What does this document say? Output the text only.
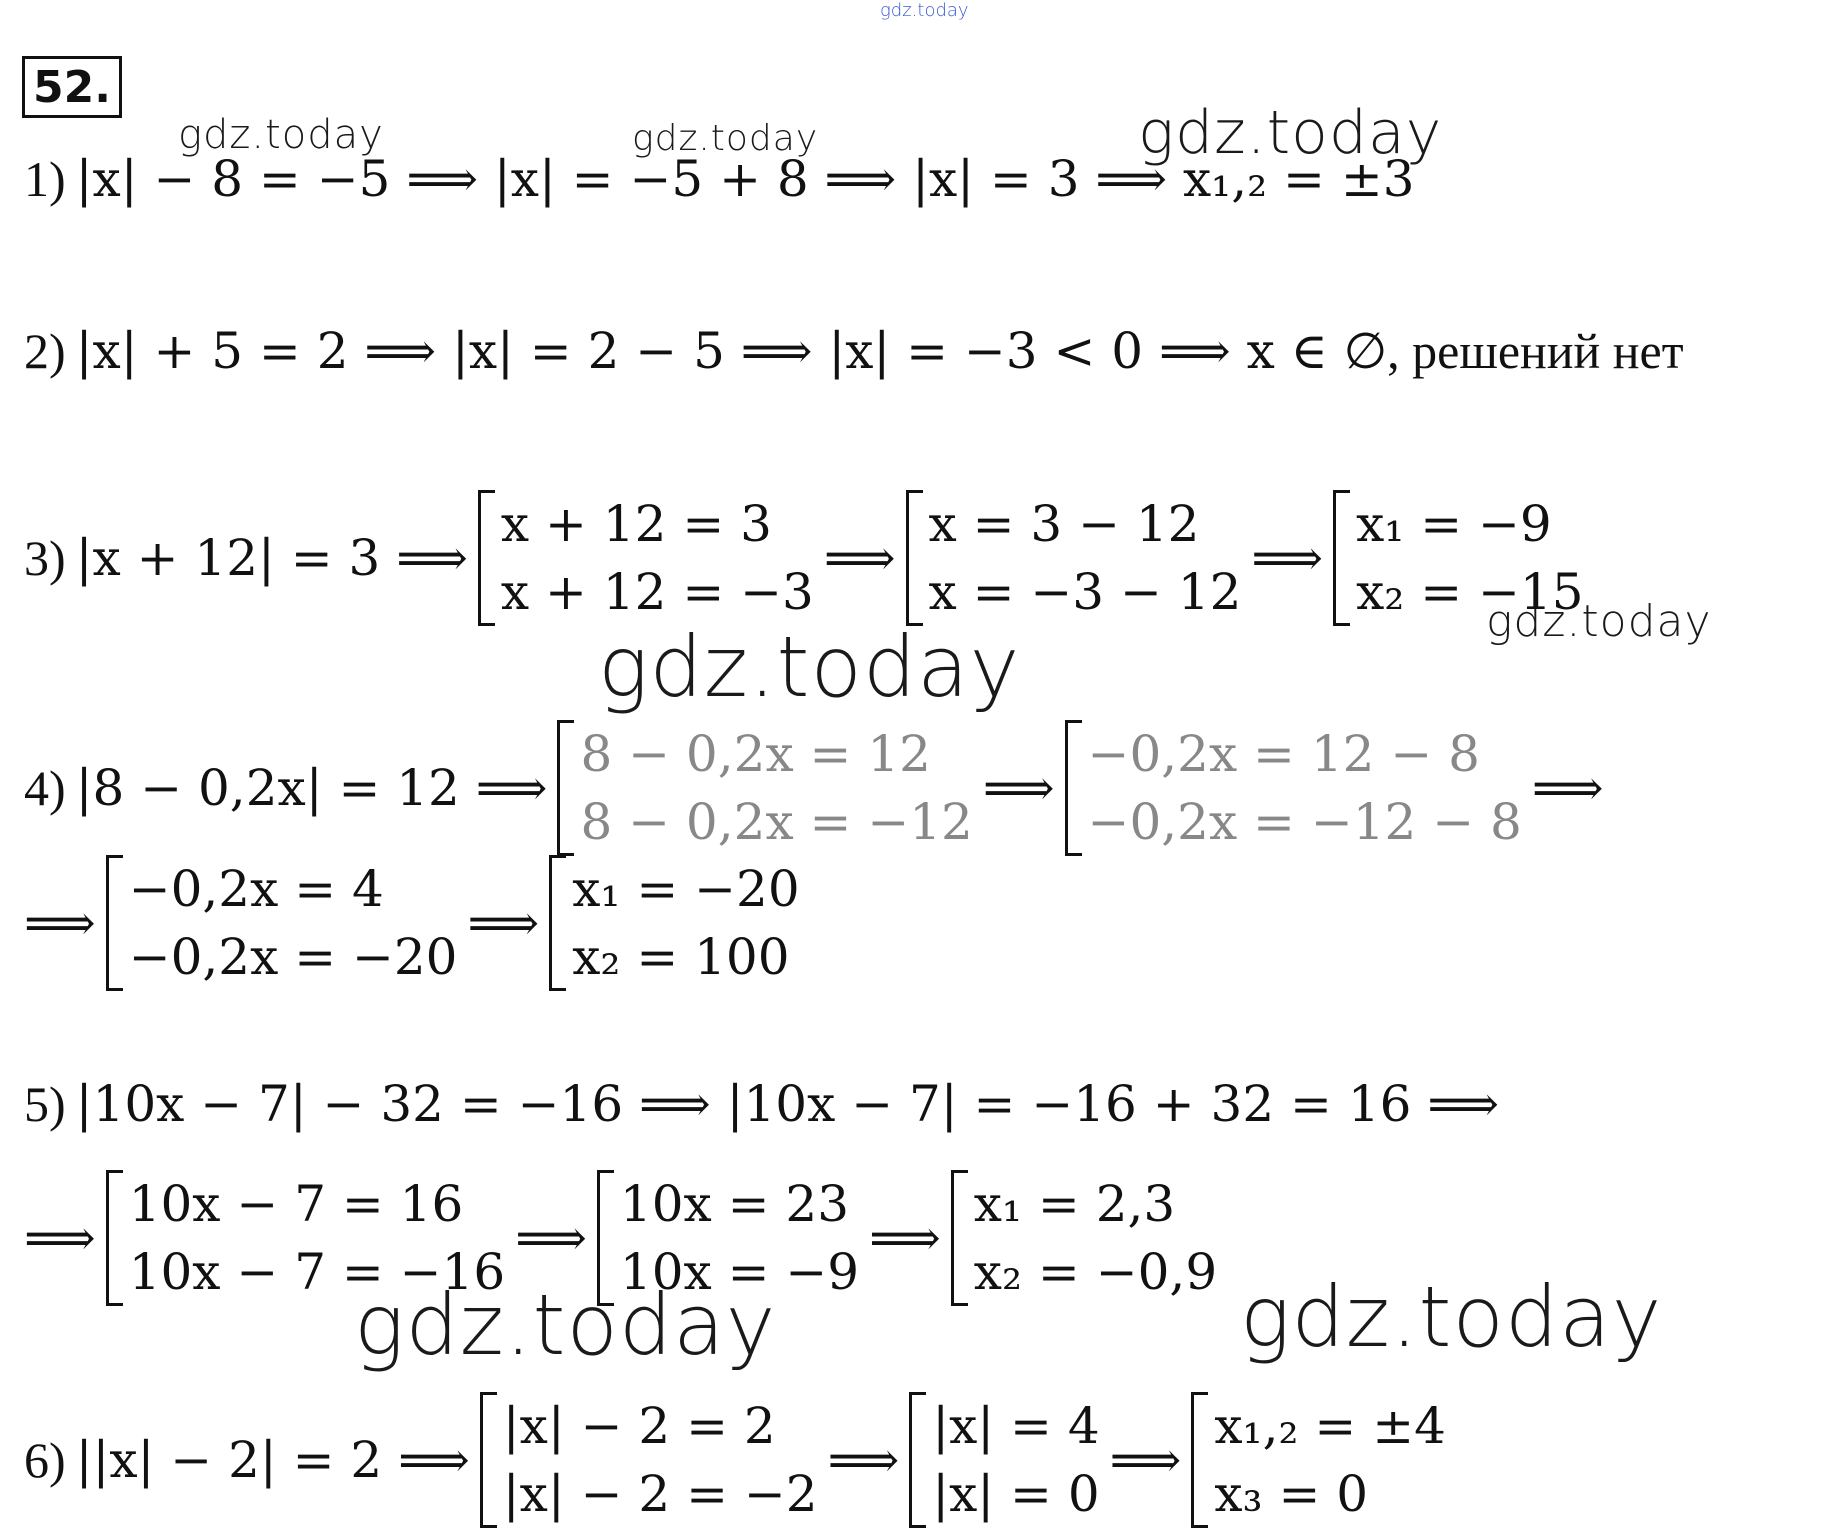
gdz.today
gdz.today	gdz.today	gdz.today
gdz.today
gdz.today
gdz.today	gdz.today
52.
1) |x| − 8 = −5 ⟹ |x| = −5 + 8 ⟹ |x| = 3 ⟹ x₁,₂ = ±3
2) |x| + 5 = 2 ⟹ |x| = 2 − 5 ⟹ |x| = −3 < 0 ⟹ x ∈ ∅ , решений нет
3) |x + 12| = 3 ⟹
x + 12 = 3
x + 12 = −3
⟹
x = 3 − 12
x = −3 − 12
⟹
x₁ = −9
x₂ = −15
4) |8 − 0,2x| = 12 ⟹
8 − 0,2x = 12
8 − 0,2x = −12
⟹
−0,2x = 12 − 8
−0,2x = −12 − 8
⟹
⟹
−0,2x = 4
−0,2x = −20
⟹
x₁ = −20
x₂ = 100
5) |10x − 7| − 32 = −16 ⟹ |10x − 7| = −16 + 32 = 16 ⟹
⟹
10x − 7 = 16
10x − 7 = −16
⟹
10x = 23
10x = −9
⟹
x₁ = 2,3
x₂ = −0,9
6) ||x| − 2| = 2 ⟹
|x| − 2 = 2
|x| − 2 = −2
⟹
|x| = 4
|x| = 0
⟹
x₁,₂ = ±4
x₃ = 0
